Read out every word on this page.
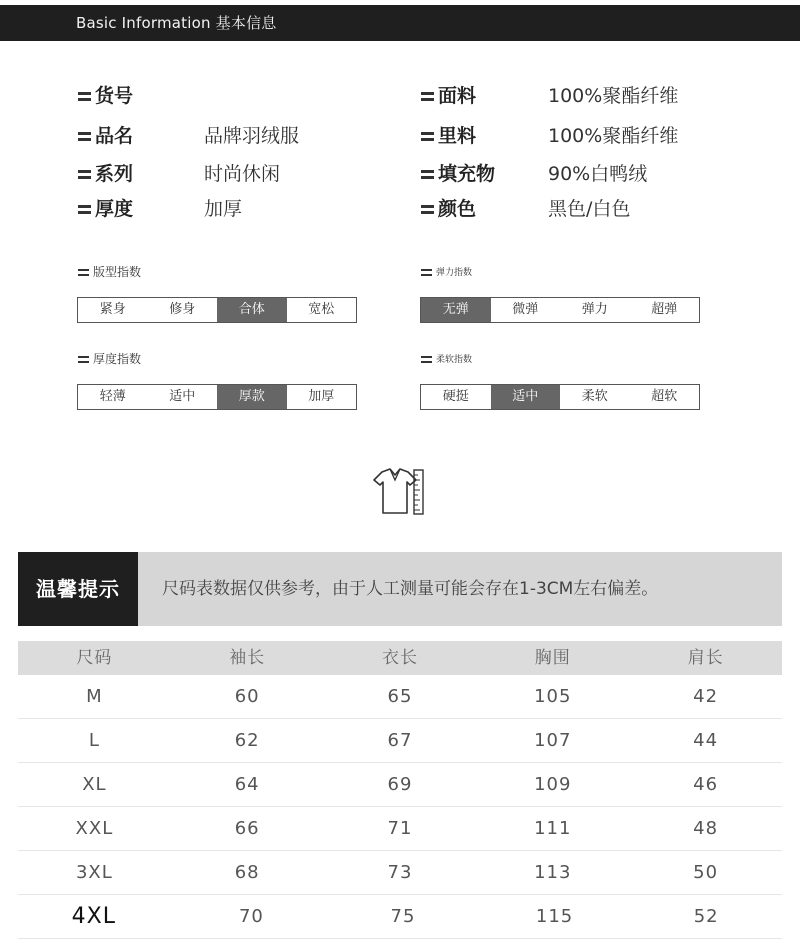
Basic Information 基本信息
货号
品名	品牌羽绒服
系列	时尚休闲
厚度	加厚
面料	100%聚酯纤维
里料	100%聚酯纤维
填充物	90%白鸭绒
颜色	黑色/白色
版型指数
紧身	修身	合体	宽松
弹力指数
无弹	微弹	弹力	超弹
厚度指数
轻薄	适中	厚款	加厚
柔软指数
硬挺	适中	柔软	超软
温馨提示	尺码表数据仅供参考，由于人工测量可能会存在1-3CM左右偏差。
尺码	袖长	衣长	胸围	肩长
M	60	65	105	42
L	62	67	107	44
XL	64	69	109	46
XXL	66	71	111	48
3XL	68	73	113	50
4XL	70	75	115	52
